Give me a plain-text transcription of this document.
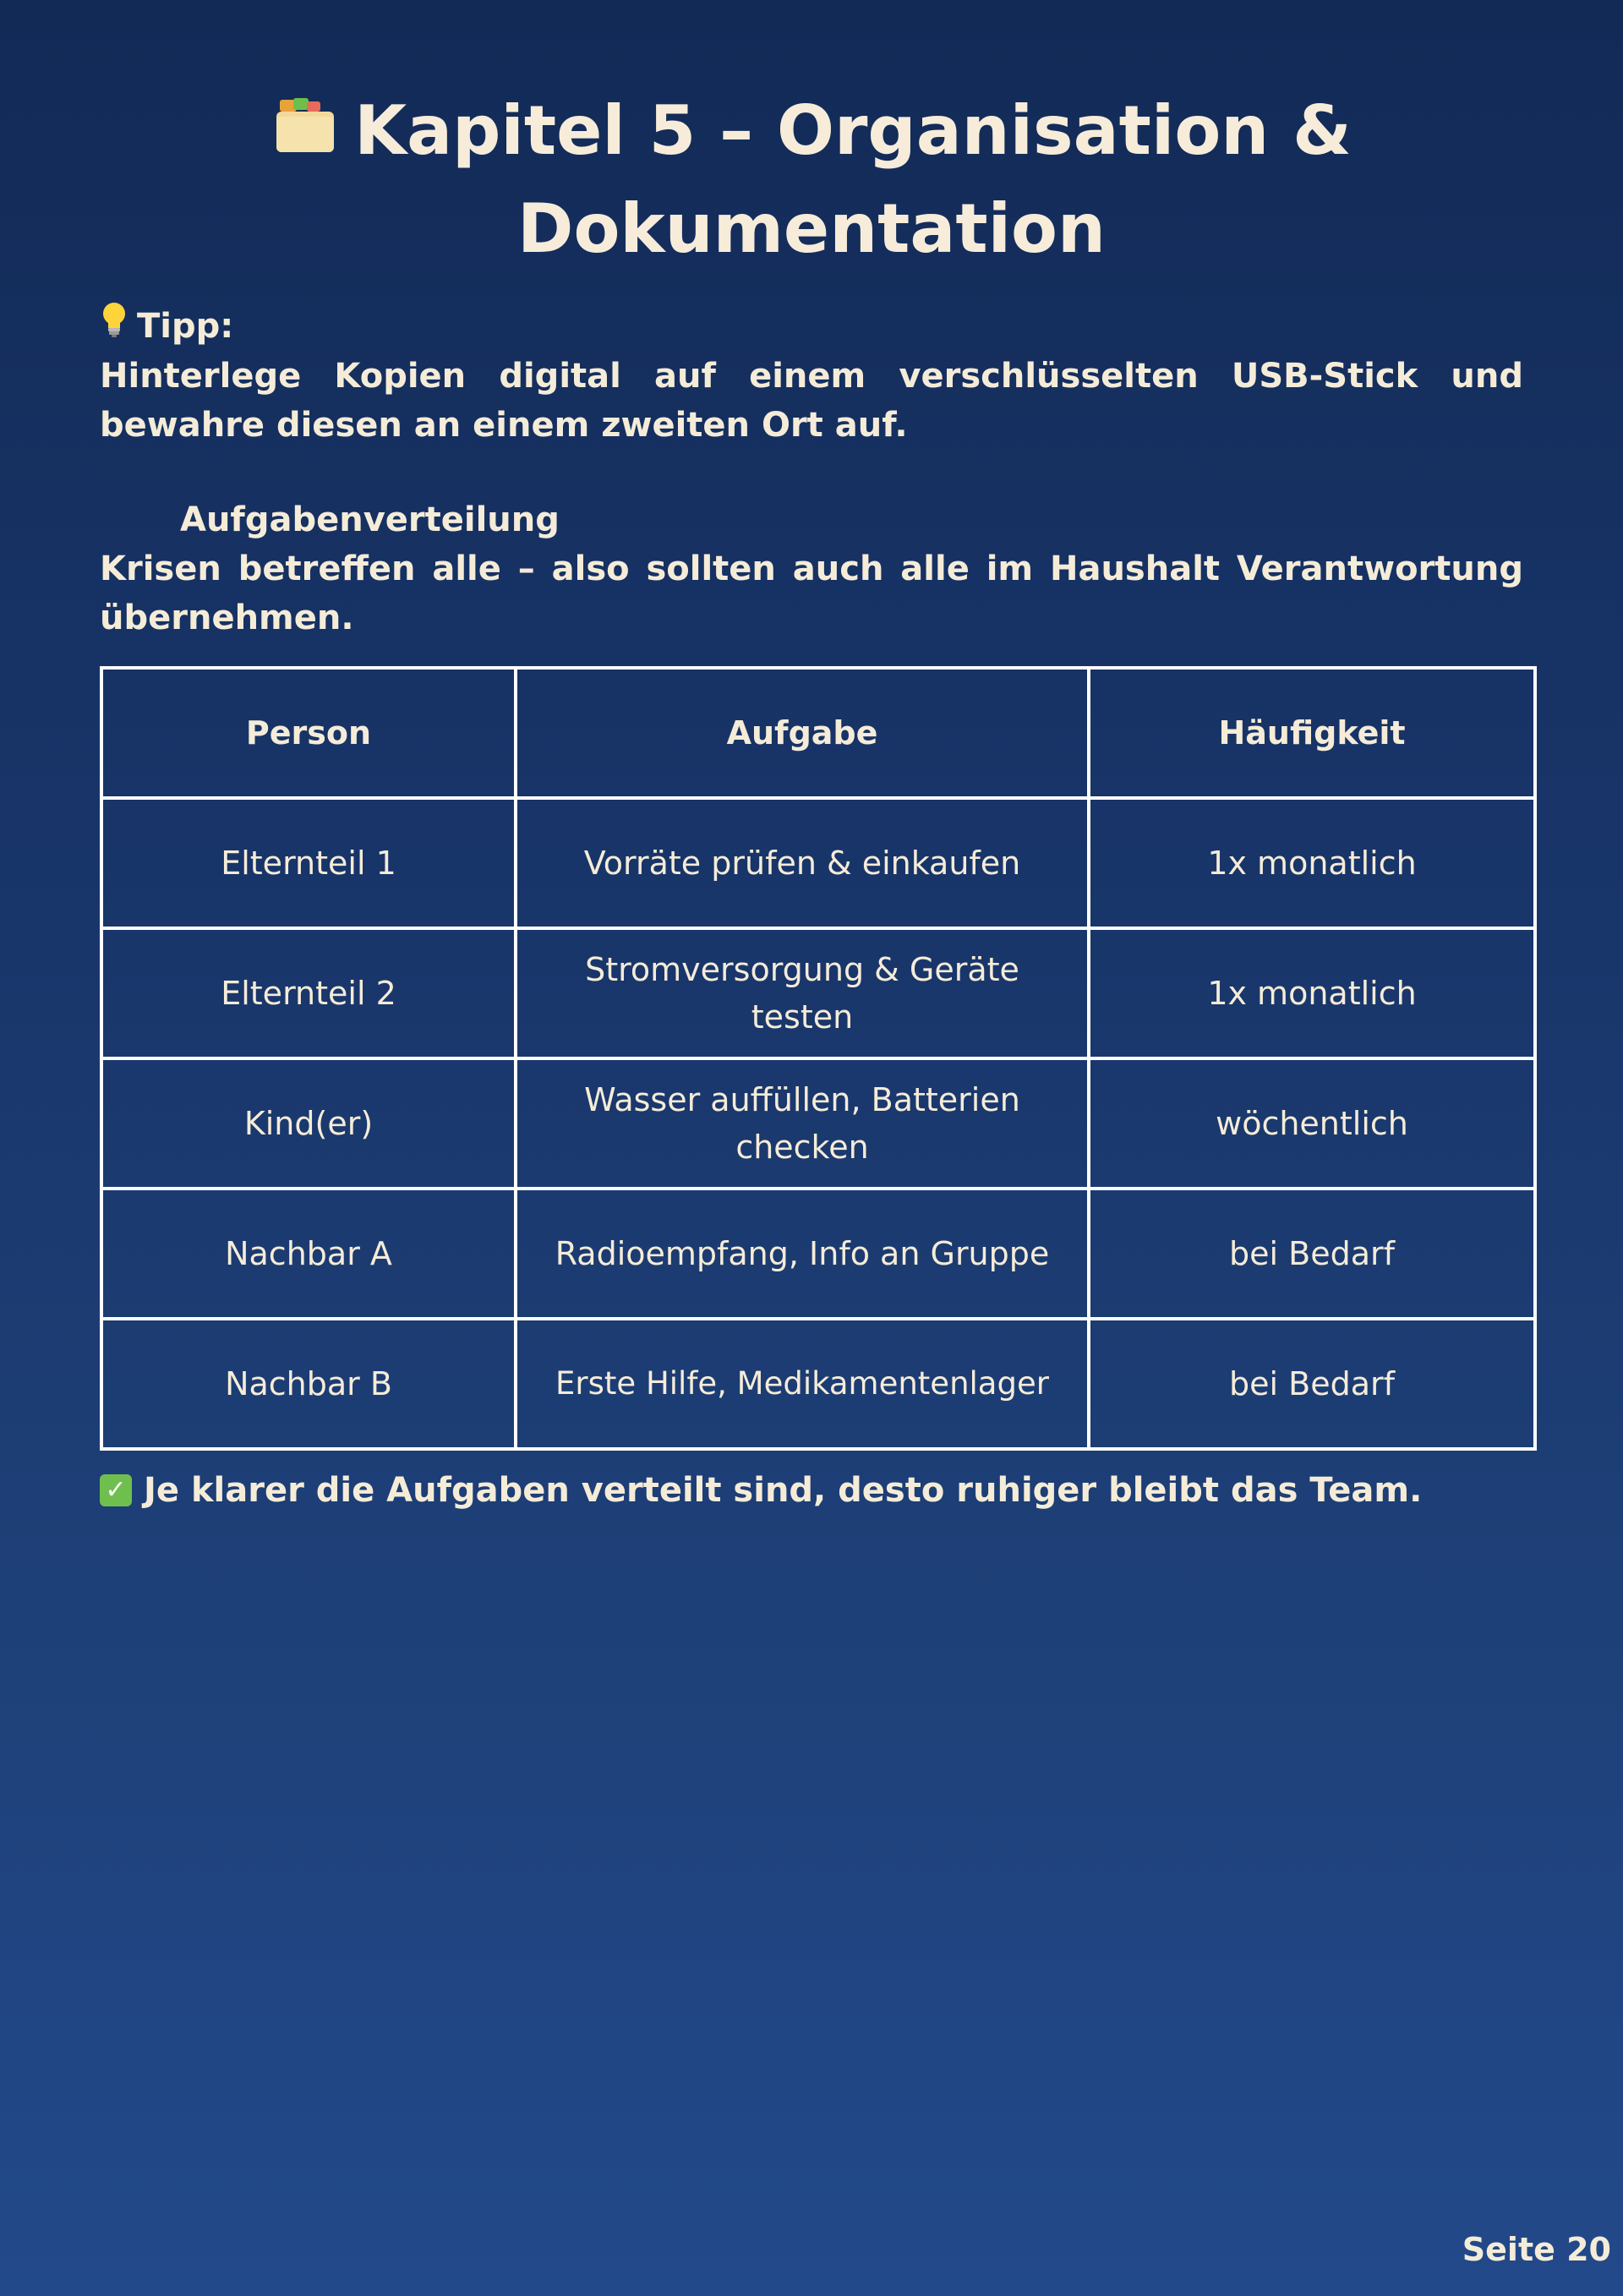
Kapitel 5 – Organisation &
Dokumentation
Tipp:
Hinterlege Kopien digital auf einem verschlüsselten USB-Stick und bewahre diesen an einem zweiten Ort auf.
Aufgabenverteilung
Krisen betreffen alle – also sollten auch alle im Haushalt Verantwortung übernehmen.
Person	Aufgabe	Häufigkeit
Elternteil 1	Vorräte prüfen & einkaufen	1x monatlich
Elternteil 2	Stromversorgung & Geräte testen	1x monatlich
Kind(er)	Wasser auffüllen, Batterien checken	wöchentlich
Nachbar A	Radioempfang, Info an Gruppe	bei Bedarf
Nachbar B	Erste Hilfe, Medikamentenlager	bei Bedarf
✓ Je klarer die Aufgaben verteilt sind, desto ruhiger bleibt das Team.
Seite 20
